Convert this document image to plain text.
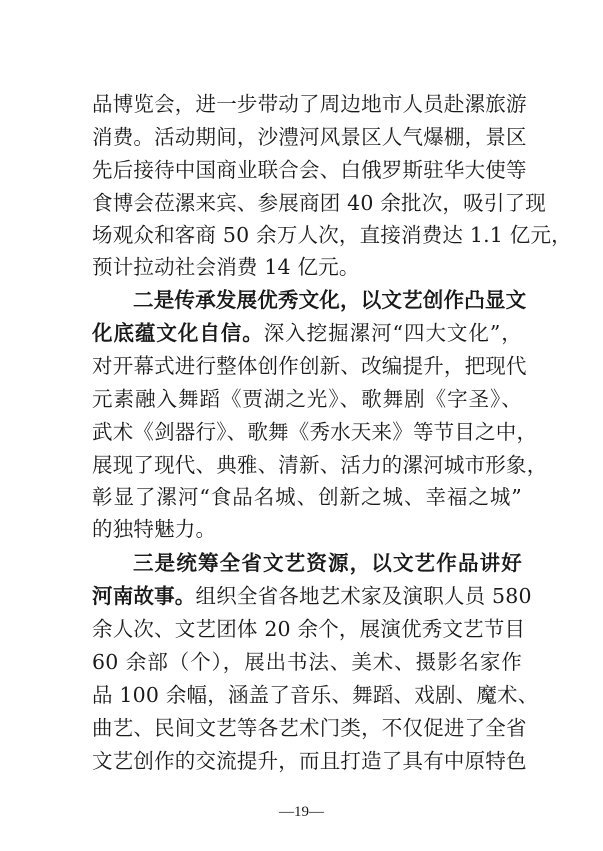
品博览会，进一步带动了周边地市人员赴漯旅游
消费。活动期间，沙澧河风景区人气爆棚，景区
先后接待中国商业联合会、白俄罗斯驻华大使等
食博会莅漯来宾、参展商团 40 余批次，吸引了现
场观众和客商 50 余万人次，直接消费达 1.1 亿元，
预计拉动社会消费 14 亿元。
二是传承发展优秀文化，以文艺创作凸显文
化底蕴文化自信。深入挖掘漯河“四大文化”，
对开幕式进行整体创作创新、改编提升，把现代
元素融入舞蹈《贾湖之光》、歌舞剧《字圣》、
武术《剑器行》、歌舞《秀水天来》等节目之中，
展现了现代、典雅、清新、活力的漯河城市形象，
彰显了漯河“食品名城、创新之城、幸福之城”
的独特魅力。
三是统筹全省文艺资源，以文艺作品讲好
河南故事。组织全省各地艺术家及演职人员 580
余人次、文艺团体 20 余个，展演优秀文艺节目
60 余部（个），展出书法、美术、摄影名家作
品 100 余幅，涵盖了音乐、舞蹈、戏剧、魔术、
曲艺、民间文艺等各艺术门类，不仅促进了全省
文艺创作的交流提升，而且打造了具有中原特色
—19—
